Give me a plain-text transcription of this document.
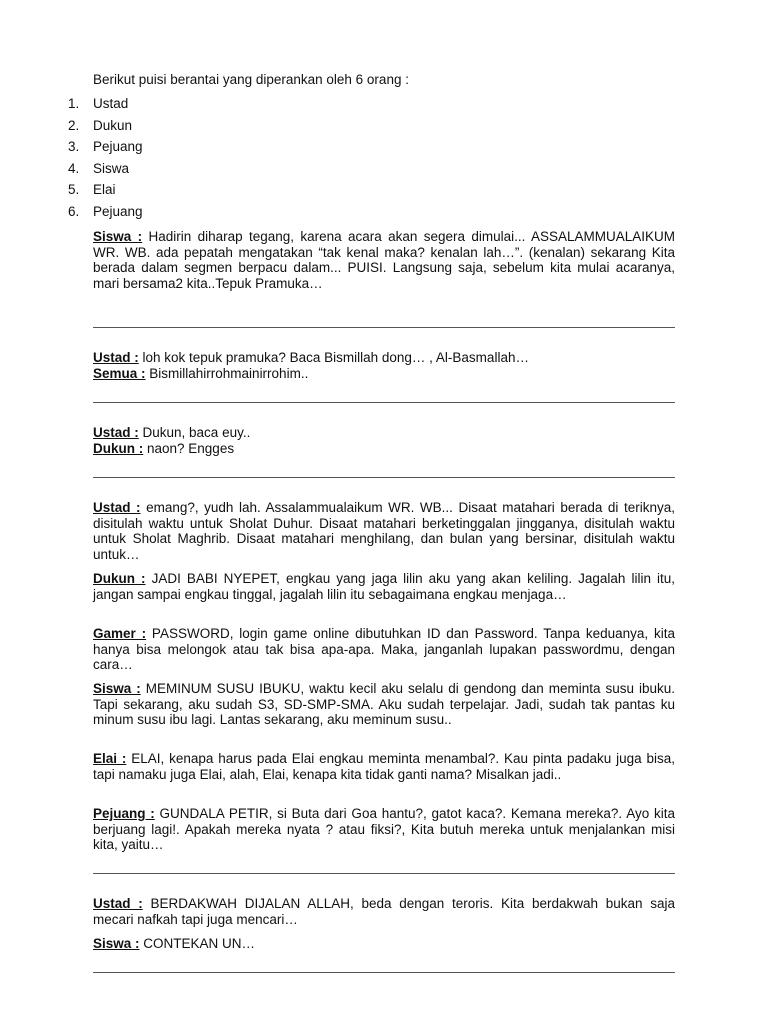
Berikut puisi berantai yang diperankan oleh 6 orang :
1.	Ustad
2.	Dukun
3.	Pejuang
4.	Siswa
5.	Elai
6.	Pejuang
Siswa : Hadirin diharap tegang, karena acara akan segera dimulai... ASSALAMMUALAIKUM WR. WB. ada pepatah mengatakan “tak kenal maka? kenalan lah…”. (kenalan) sekarang Kita berada dalam segmen berpacu dalam... PUISI. Langsung saja, sebelum kita mulai acaranya, mari bersama2 kita..Tepuk Pramuka…
Ustad : loh kok tepuk pramuka? Baca Bismillah dong… , Al-Basmallah…
Semua : Bismillahirrohmainirrohim..
Ustad : Dukun, baca euy..
Dukun : naon? Engges
Ustad : emang?, yudh lah. Assalammualaikum WR. WB... Disaat matahari berada di teriknya, disitulah waktu untuk Sholat Duhur. Disaat matahari berketinggalan jingganya, disitulah waktu untuk Sholat Maghrib. Disaat matahari menghilang, dan bulan yang bersinar, disitulah waktu untuk…
Dukun : JADI BABI NYEPET, engkau yang jaga lilin aku yang akan keliling. Jagalah lilin itu, jangan sampai engkau tinggal, jagalah lilin itu sebagaimana engkau menjaga…
Gamer : PASSWORD, login game online dibutuhkan ID dan Password. Tanpa keduanya, kita hanya bisa melongok atau tak bisa apa-apa. Maka, janganlah lupakan passwordmu, dengan cara…
Siswa : MEMINUM SUSU IBUKU, waktu kecil aku selalu di gendong dan meminta susu ibuku. Tapi sekarang, aku sudah S3, SD-SMP-SMA. Aku sudah terpelajar. Jadi, sudah tak pantas ku minum susu ibu lagi. Lantas sekarang, aku meminum susu..
Elai : ELAI, kenapa harus pada Elai engkau meminta menambal?. Kau pinta padaku juga bisa, tapi namaku juga Elai, alah, Elai, kenapa kita tidak ganti nama? Misalkan jadi..
Pejuang : GUNDALA PETIR, si Buta dari Goa hantu?, gatot kaca?. Kemana mereka?. Ayo kita berjuang lagi!. Apakah mereka nyata ? atau fiksi?, Kita butuh mereka untuk menjalankan misi kita, yaitu…
Ustad : BERDAKWAH DIJALAN ALLAH, beda dengan teroris. Kita berdakwah bukan saja mecari nafkah tapi juga mencari…
Siswa : CONTEKAN UN…
